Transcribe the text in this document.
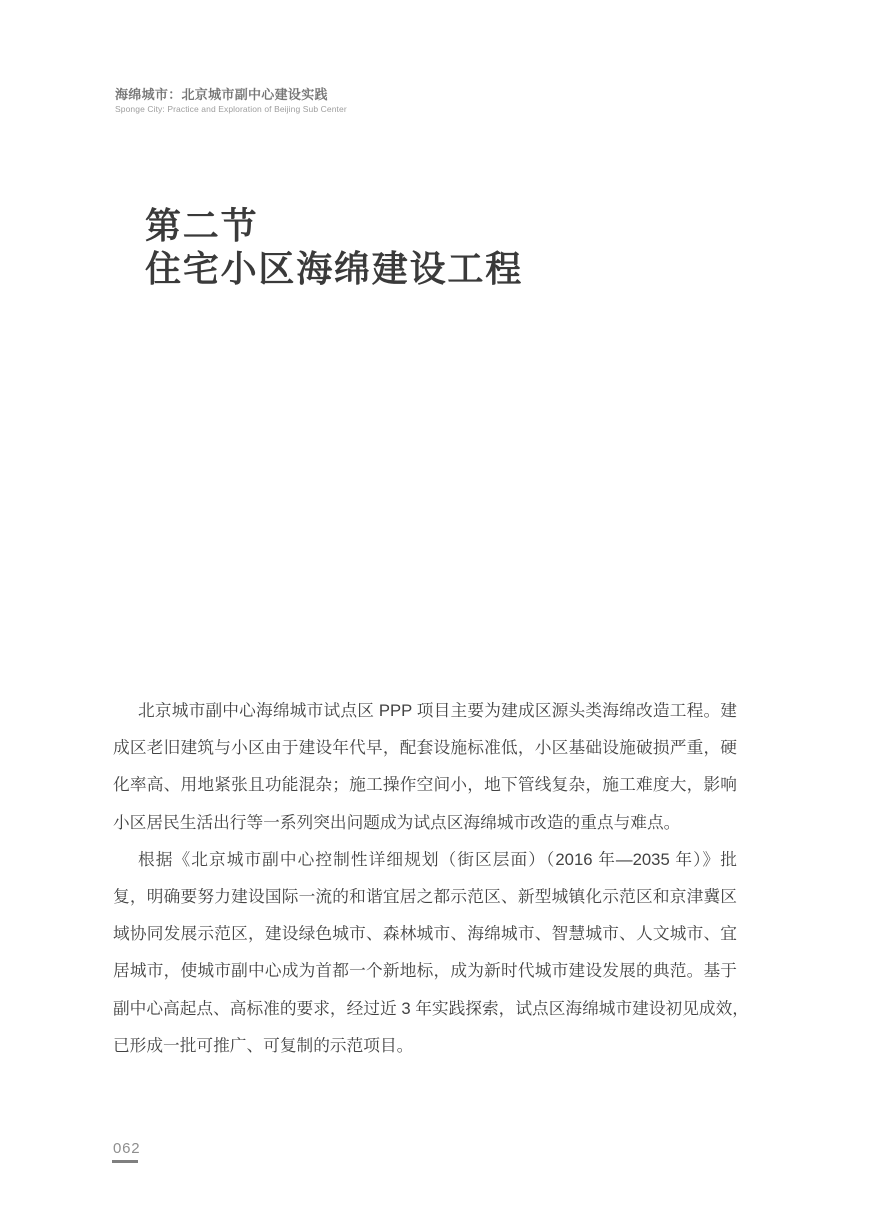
海绵城市：北京城市副中心建设实践
Sponge City: Practice and Exploration of Beijing Sub Center
第二节
住宅小区海绵建设工程
北京城市副中心海绵城市试点区 PPP 项目主要为建成区源头类海绵改造工程。建
成区老旧建筑与小区由于建设年代早，配套设施标准低，小区基础设施破损严重，硬
化率高、用地紧张且功能混杂；施工操作空间小，地下管线复杂，施工难度大，影响
小区居民生活出行等一系列突出问题成为试点区海绵城市改造的重点与难点。
根据《北京城市副中心控制性详细规划（街区层面）（2016 年—2035 年）》批
复，明确要努力建设国际一流的和谐宜居之都示范区、新型城镇化示范区和京津冀区
域协同发展示范区，建设绿色城市、森林城市、海绵城市、智慧城市、人文城市、宜
居城市，使城市副中心成为首都一个新地标，成为新时代城市建设发展的典范。基于
副中心高起点、高标准的要求，经过近 3 年实践探索，试点区海绵城市建设初见成效，
已形成一批可推广、可复制的示范项目。
062
